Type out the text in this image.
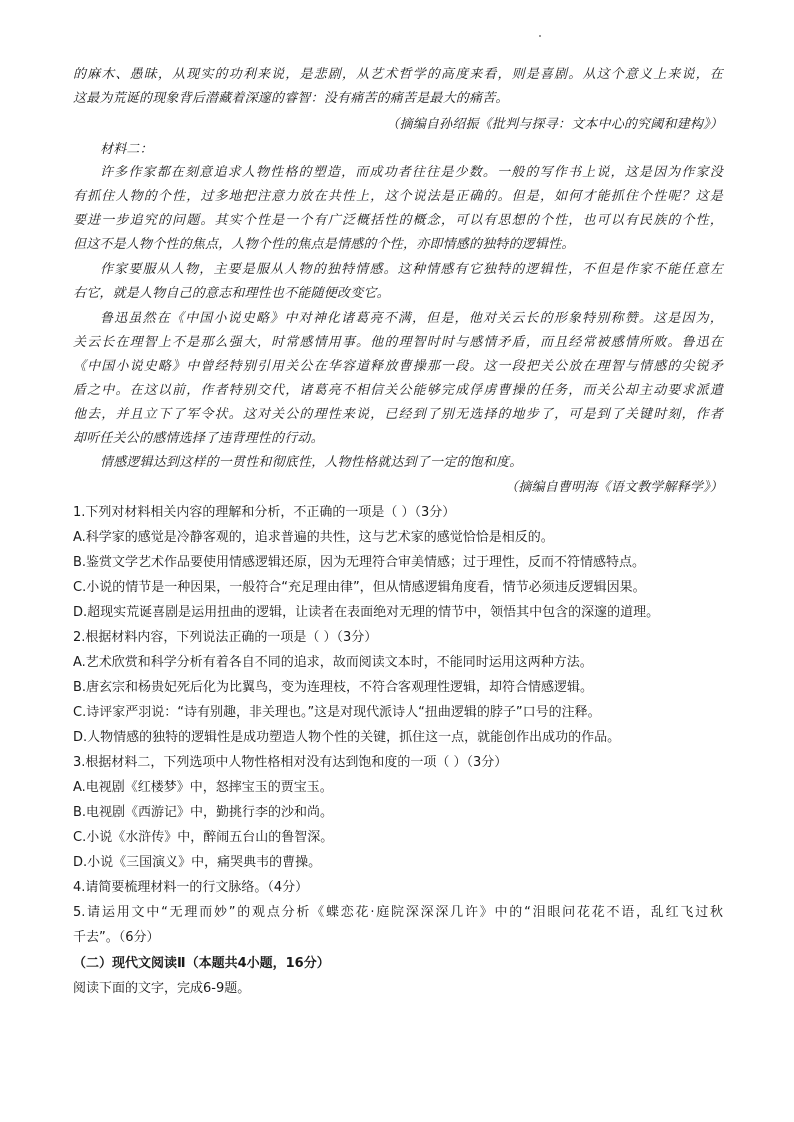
的麻木、愚昧，从现实的功利来说，是悲剧，从艺术哲学的高度来看，则是喜剧。从这个意义上来说，在
这最为荒诞的现象背后潜藏着深邃的睿智：没有痛苦的痛苦是最大的痛苦。
（摘编自孙绍振《批判与探寻：文本中心的究阈和建构》）
材料二：
许多作家都在刻意追求人物性格的塑造，而成功者往往是少数。一般的写作书上说，这是因为作家没
有抓住人物的个性，过多地把注意力放在共性上，这个说法是正确的。但是，如何才能抓住个性呢？这是
要进一步追究的问题。其实个性是一个有广泛概括性的概念，可以有思想的个性，也可以有民族的个性，
但这不是人物个性的焦点，人物个性的焦点是情感的个性，亦即情感的独特的逻辑性。
作家要服从人物，主要是服从人物的独特情感。这种情感有它独特的逻辑性，不但是作家不能任意左
右它，就是人物自己的意志和理性也不能随便改变它。
鲁迅虽然在《中国小说史略》中对神化诸葛亮不满，但是，他对关云长的形象特别称赞。这是因为，
关云长在理智上不是那么强大，时常感情用事。他的理智时时与感情矛盾，而且经常被感情所败。鲁迅在
《中国小说史略》中曾经特别引用关公在华容道释放曹操那一段。这一段把关公放在理智与情感的尖锐矛
盾之中。在这以前，作者特别交代，诸葛亮不相信关公能够完成俘虏曹操的任务，而关公却主动要求派遣
他去，并且立下了军令状。这对关公的理性来说，已经到了别无选择的地步了，可是到了关键时刻，作者
却听任关公的感情选择了违背理性的行动。
情感逻辑达到这样的一贯性和彻底性，人物性格就达到了一定的饱和度。
（摘编自曹明海《语文教学解释学》）
1.下列对材料相关内容的理解和分析，不正确的一项是（ ）（3分）
A.科学家的感觉是冷静客观的，追求普遍的共性，这与艺术家的感觉恰恰是相反的。
B.鉴赏文学艺术作品要使用情感逻辑还原，因为无理符合审美情感；过于理性，反而不符情感特点。
C.小说的情节是一种因果，一般符合“充足理由律”，但从情感逻辑角度看，情节必须违反逻辑因果。
D.超现实荒诞喜剧是运用扭曲的逻辑，让读者在表面绝对无理的情节中，领悟其中包含的深邃的道理。
2.根据材料内容，下列说法正确的一项是（ ）（3分）
A.艺术欣赏和科学分析有着各自不同的追求，故而阅读文本时，不能同时运用这两种方法。
B.唐玄宗和杨贵妃死后化为比翼鸟，变为连理枝，不符合客观理性逻辑，却符合情感逻辑。
C.诗评家严羽说：“诗有别趣，非关理也。”这是对现代派诗人“扭曲逻辑的脖子”口号的注释。
D.人物情感的独特的逻辑性是成功塑造人物个性的关键，抓住这一点，就能创作出成功的作品。
3.根据材料二，下列选项中人物性格相对没有达到饱和度的一项（ ）（3分）
A.电视剧《红楼梦》中，怒摔宝玉的贾宝玉。
B.电视剧《西游记》中，勤挑行李的沙和尚。
C.小说《水浒传》中，醉闹五台山的鲁智深。
D.小说《三国演义》中，痛哭典韦的曹操。
4.请简要梳理材料一的行文脉络。（4分）
5.请运用文中“无理而妙”的观点分析《蝶恋花·庭院深深深几许》中的“泪眼问花花不语，乱红飞过秋
千去”。（6分）
（二）现代文阅读Ⅱ（本题共4小题，16分）
阅读下面的文字，完成6-9题。
